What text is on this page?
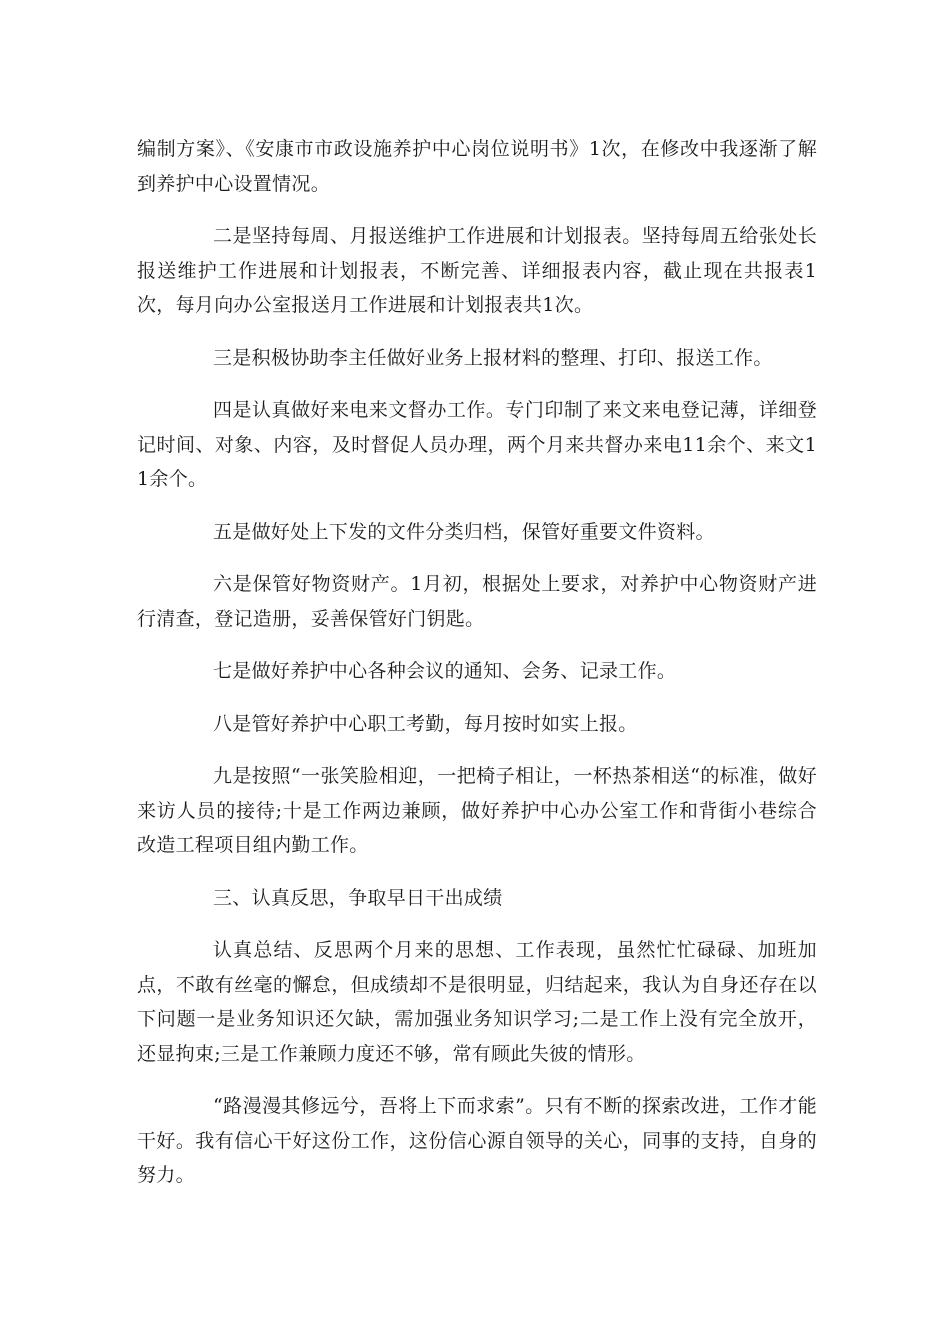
编制方案》、《安康市市政设施养护中心岗位说明书》1次，在修改中我逐渐了解到养护中心设置情况。

二是坚持每周、月报送维护工作进展和计划报表。坚持每周五给张处长报送维护工作进展和计划报表，不断完善、详细报表内容，截止现在共报表1次，每月向办公室报送月工作进展和计划报表共1次。

三是积极协助李主任做好业务上报材料的整理、打印、报送工作。

四是认真做好来电来文督办工作。专门印制了来文来电登记薄，详细登记时间、对象、内容，及时督促人员办理，两个月来共督办来电11余个、来文11余个。

五是做好处上下发的文件分类归档，保管好重要文件资料。

六是保管好物资财产。1月初，根据处上要求，对养护中心物资财产进行清查，登记造册，妥善保管好门钥匙。

七是做好养护中心各种会议的通知、会务、记录工作。

八是管好养护中心职工考勤，每月按时如实上报。

九是按照“一张笑脸相迎，一把椅子相让，一杯热茶相送“的标准，做好来访人员的接待;十是工作两边兼顾，做好养护中心办公室工作和背街小巷综合改造工程项目组内勤工作。

三、认真反思，争取早日干出成绩

认真总结、反思两个月来的思想、工作表现，虽然忙忙碌碌、加班加点，不敢有丝毫的懈怠，但成绩却不是很明显，归结起来，我认为自身还存在以下问题一是业务知识还欠缺，需加强业务知识学习;二是工作上没有完全放开，还显拘束;三是工作兼顾力度还不够，常有顾此失彼的情形。

“路漫漫其修远兮，吾将上下而求索”。只有不断的探索改进，工作才能干好。我有信心干好这份工作，这份信心源自领导的关心，同事的支持，自身的努力。
